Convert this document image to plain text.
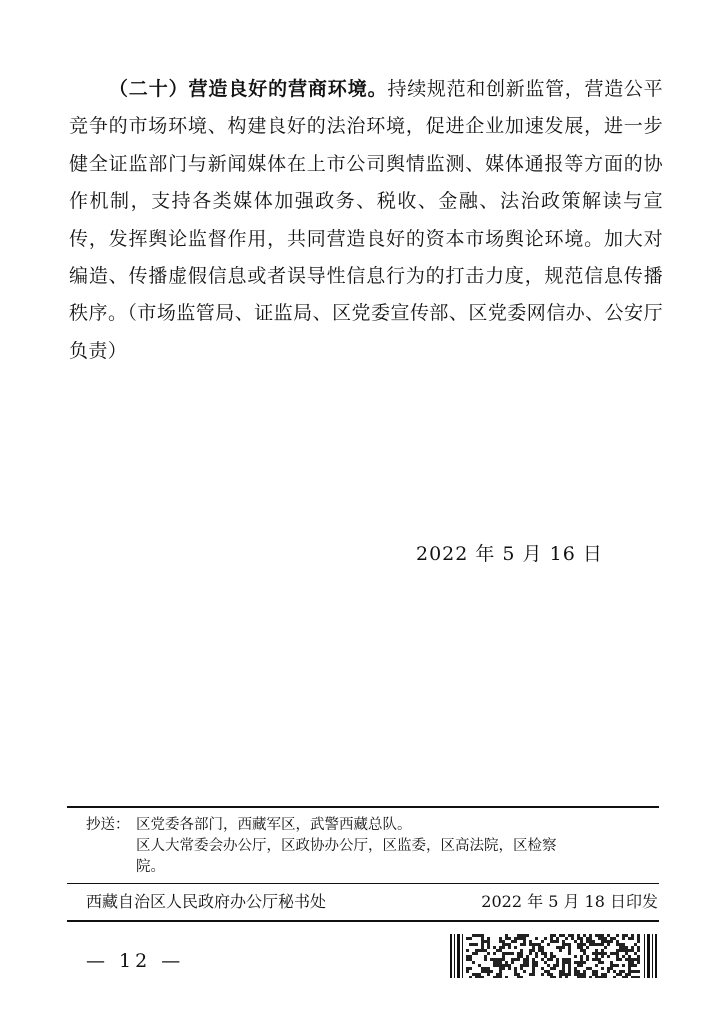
（二十）营造良好的营商环境。持续规范和创新监管，营造公平竞争的市场环境、构建良好的法治环境，促进企业加速发展，进一步健全证监部门与新闻媒体在上市公司舆情监测、媒体通报等方面的协作机制，支持各类媒体加强政务、税收、金融、法治政策解读与宣传，发挥舆论监督作用，共同营造良好的资本市场舆论环境。加大对编造、传播虚假信息或者误导性信息行为的打击力度，规范信息传播秩序。（市场监管局、证监局、区党委宣传部、区党委网信办、公安厅负责）

2022 年 5 月 16 日
抄送： 区党委各部门，西藏军区，武警西藏总队。
区人大常委会办公厅，区政协办公厅，区监委，区高法院，区检察
院。
西藏自治区人民政府办公厅秘书处	2022 年 5 月 18 日印发
— 12 —
